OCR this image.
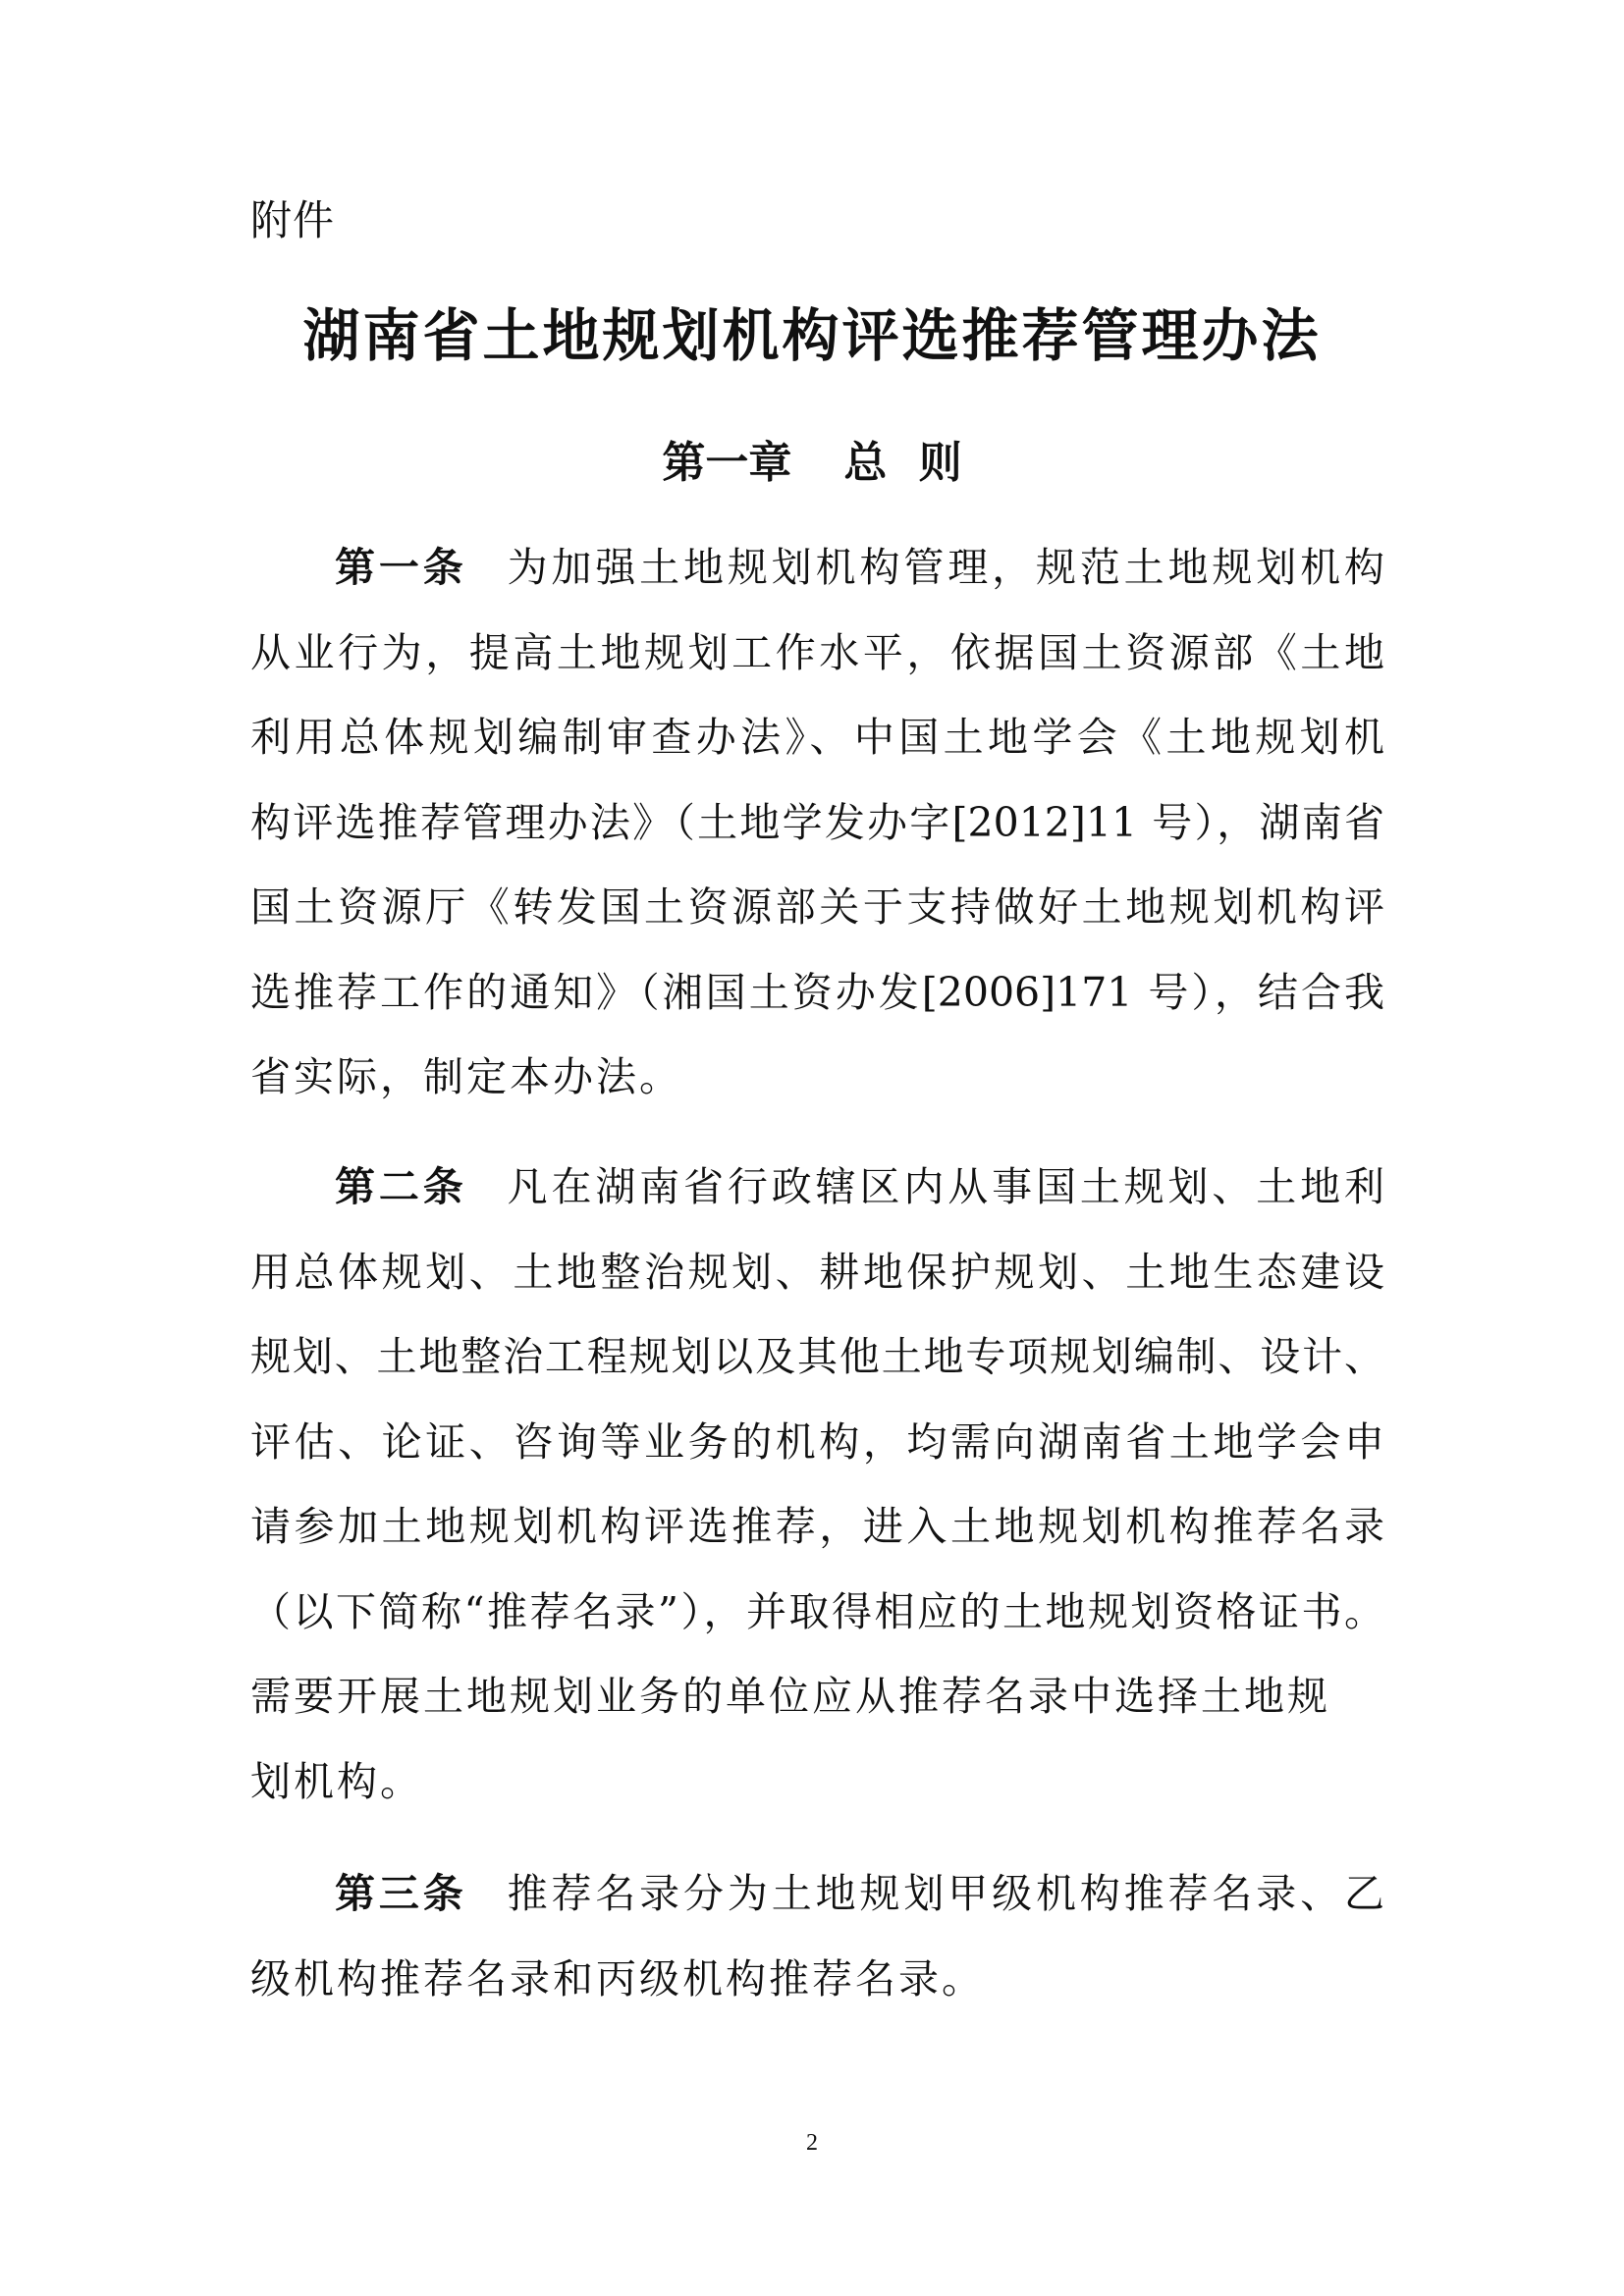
附件
湖南省土地规划机构评选推荐管理办法
第一章 总 则
第一条 为加强土地规划机构管理，规范土地规划机构
从业行为，提高土地规划工作水平，依据国土资源部《土地
利用总体规划编制审查办法》、中国土地学会《土地规划机
构评选推荐管理办法》（土地学发办字[2012]11 号），湖南省
国土资源厅《转发国土资源部关于支持做好土地规划机构评
选推荐工作的通知》（湘国土资办发[2006]171 号），结合我
省实际，制定本办法。
第二条 凡在湖南省行政辖区内从事国土规划、土地利
用总体规划、土地整治规划、耕地保护规划、土地生态建设
规划、土地整治工程规划以及其他土地专项规划编制、设计、
评估、论证、咨询等业务的机构，均需向湖南省土地学会申
请参加土地规划机构评选推荐，进入土地规划机构推荐名录
（以下简称“推荐名录”），并取得相应的土地规划资格证书。
需要开展土地规划业务的单位应从推荐名录中选择土地规
划机构。
第三条 推荐名录分为土地规划甲级机构推荐名录、乙
级机构推荐名录和丙级机构推荐名录。
2
